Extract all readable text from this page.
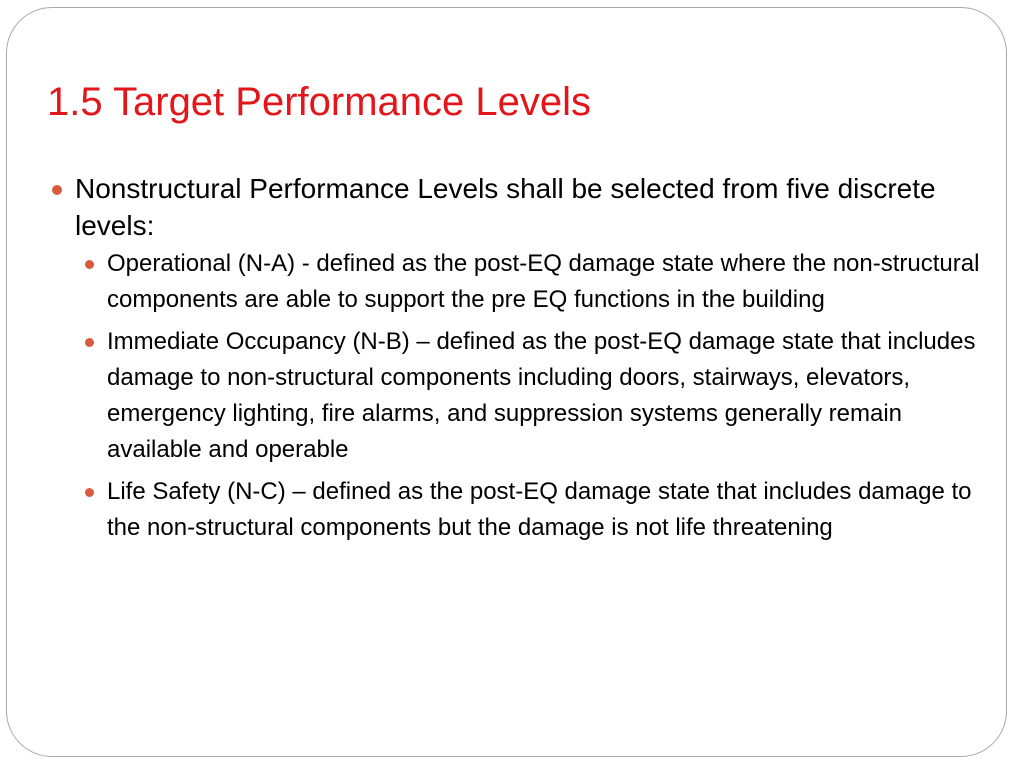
1.5 Target Performance Levels
Nonstructural Performance Levels shall be selected from five discrete levels:
Operational (N-A) - defined as the post-EQ damage state where the non-structural components are able to support the pre EQ functions in the building
Immediate Occupancy (N-B) – defined as the post-EQ damage state that includes damage to non-structural components including doors, stairways, elevators, emergency lighting, fire alarms, and suppression systems generally remain available and operable
Life Safety (N-C) – defined as the post-EQ damage state that includes damage to the non-structural components but the damage is not life threatening
